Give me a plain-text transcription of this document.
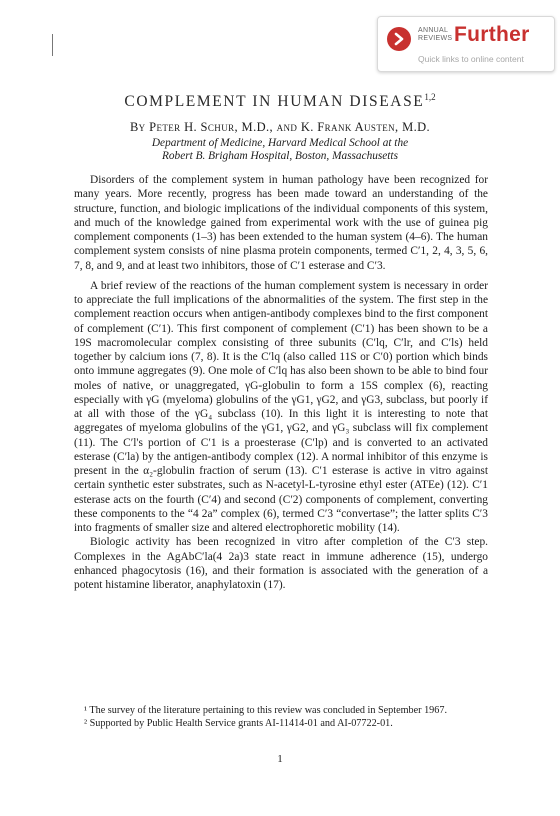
ANNUAL
REVIEWS Further
Quick links to online content
COMPLEMENT IN HUMAN DISEASE$^{1,2}$
By Peter H. Schur, M.D., and K. Frank Austen, M.D.
Department of Medicine, Harvard Medical School at the
Robert B. Brigham Hospital, Boston, Massachusetts

Disorders of the complement system in human pathology have been recognized for many years. More recently, progress has been made toward an understanding of the structure, function, and biologic implications of the individual components of this system, and much of the knowledge gained from experimental work with the use of guinea pig complement components (1–3) has been extended to the human system (4–6). The human complement system consists of nine plasma protein components, termed C′1, 2, 4, 3, 5, 6, 7, 8, and 9, and at least two inhibitors, those of C′1 esterase and C′3.

A brief review of the reactions of the human complement system is necessary in order to appreciate the full implications of the abnormalities of the system. The first step in the complement reaction occurs when antigen-antibody complexes bind to the first component of complement (C′1). This first component of complement (C′1) has been shown to be a 19S macromolecular complex consisting of three subunits (C′lq, C′lr, and C′ls) held together by calcium ions (7, 8). It is the C′lq (also called 11S or C′0) portion which binds onto immune aggregates (9). One mole of C′lq has also been shown to be able to bind four moles of native, or unaggregated, γG-globulin to form a 15S complex (6), reacting especially with γG (myeloma) globulins of the γG1, γG2, and γG3, subclass, but poorly if at all with those of the γG₄ subclass (10). In this light it is interesting to note that aggregates of myeloma globulins of the γG1, γG2, and γG₃ subclass will fix complement (11). The C′l's portion of C′1 is a proesterase (C′lp) and is converted to an activated esterase (C′la) by the antigen-antibody complex (12). A normal inhibitor of this enzyme is present in the α₂-globulin fraction of serum (13). C′1 esterase is active in vitro against certain synthetic ester substrates, such as N-acetyl-L-tyrosine ethyl ester (ATEe) (12). C′1 esterase acts on the fourth (C′4) and second (C′2) components of complement, converting these components to the “4 2a” complex (6), termed C′3 “convertase”; the latter splits C′3 into fragments of smaller size and altered electrophoretic mobility (14).

Biologic activity has been recognized in vitro after completion of the C′3 step. Complexes in the AgAbC′la(4 2a)3 state react in immune adherence (15), undergo enhanced phagocytosis (16), and their formation is associated with the generation of a potent histamine liberator, anaphylatoxin (17).

¹ The survey of the literature pertaining to this review was concluded in September 1967.

² Supported by Public Health Service grants AI-11414-01 and AI-07722-01.

1
